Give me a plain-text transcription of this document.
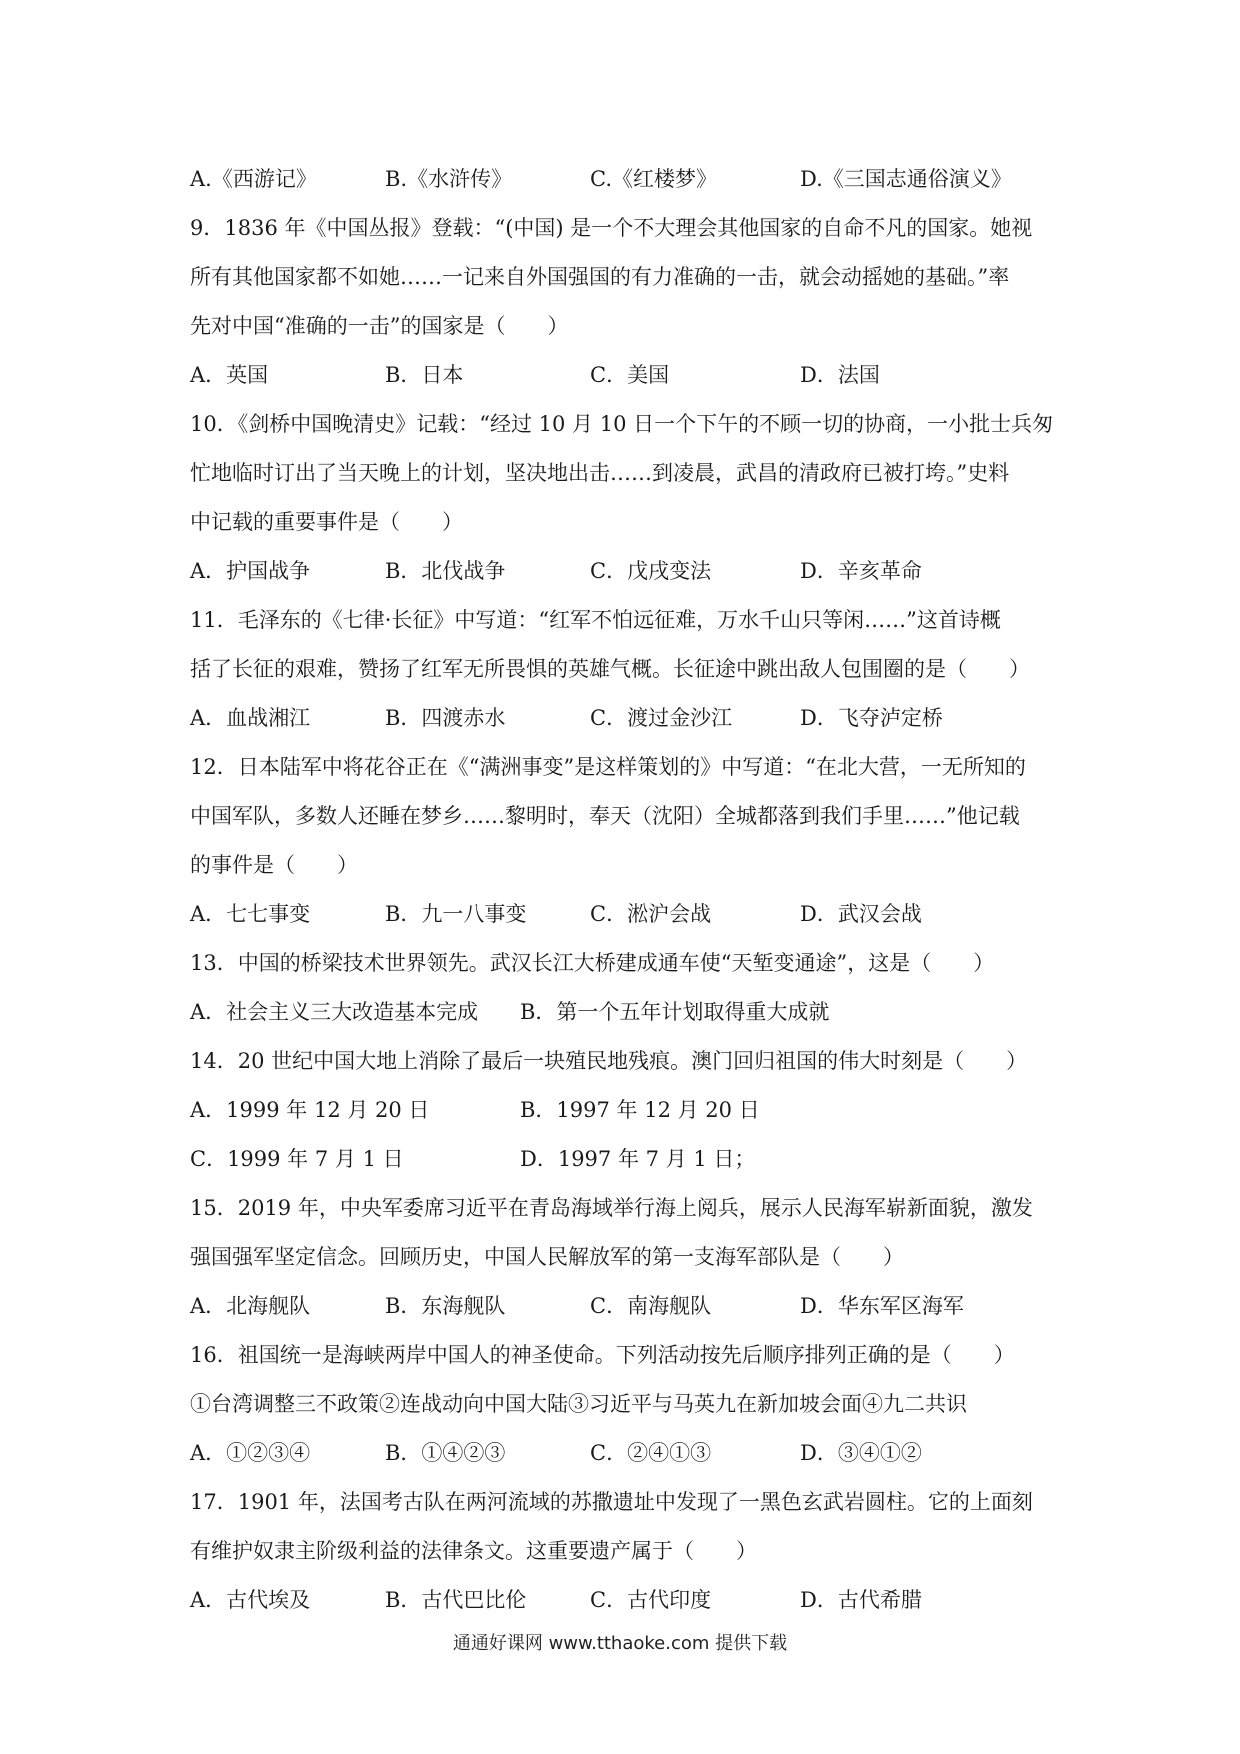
A.《西游记》	B.《水浒传》	C.《红楼梦》	D.《三国志通俗演义》
9．1836 年《中国丛报》登载：“(中国) 是一个不大理会其他国家的自命不凡的国家。她视
所有其他国家都不如她……一记来自外国强国的有力准确的一击，就会动摇她的基础。”率
先对中国“准确的一击”的国家是（　　）
A．英国	B．日本	C．美国	D．法国
10．《剑桥中国晚清史》记载：“经过 10 月 10 日一个下午的不顾一切的协商，一小批士兵匆
忙地临时订出了当天晚上的计划，坚决地出击……到凌晨，武昌的清政府已被打垮。”史料
中记载的重要事件是（　　）
A．护国战争	B．北伐战争	C．戊戌变法	D．辛亥革命
11．毛泽东的《七律·长征》中写道：“红军不怕远征难，万水千山只等闲……”这首诗概
括了长征的艰难，赞扬了红军无所畏惧的英雄气概。长征途中跳出敌人包围圈的是（　　）
A．血战湘江	B．四渡赤水	C．渡过金沙江	D．飞夺泸定桥
12．日本陆军中将花谷正在《“满洲事变”是这样策划的》中写道：“在北大营，一无所知的
中国军队，多数人还睡在梦乡……黎明时，奉天（沈阳）全城都落到我们手里……”他记载
的事件是（　　）
A．七七事变	B．九一八事变	C．淞沪会战	D．武汉会战
13．中国的桥梁技术世界领先。武汉长江大桥建成通车使“天堑变通途”，这是（　　）
A．社会主义三大改造基本完成	B．第一个五年计划取得重大成就
14．20 世纪中国大地上消除了最后一块殖民地残痕。澳门回归祖国的伟大时刻是（　　）
A．1999 年 12 月 20 日	B．1997 年 12 月 20 日
C．1999 年 7 月 1 日	D．1997 年 7 月 1 日；
15．2019 年，中央军委席习近平在青岛海域举行海上阅兵，展示人民海军崭新面貌，激发
强国强军坚定信念。回顾历史，中国人民解放军的第一支海军部队是（　　）
A．北海舰队	B．东海舰队	C．南海舰队	D．华东军区海军
16．祖国统一是海峡两岸中国人的神圣使命。下列活动按先后顺序排列正确的是（　　）
①台湾调整三不政策②连战动向中国大陆③习近平与马英九在新加坡会面④九二共识
A．①②③④	B．①④②③	C．②④①③	D．③④①②
17．1901 年，法国考古队在两河流域的苏撒遗址中发现了一黑色玄武岩圆柱。它的上面刻
有维护奴隶主阶级利益的法律条文。这重要遗产属于（　　）
A．古代埃及	B．古代巴比伦	C．古代印度	D．古代希腊
通通好课网 www.tthaoke.com 提供下载
